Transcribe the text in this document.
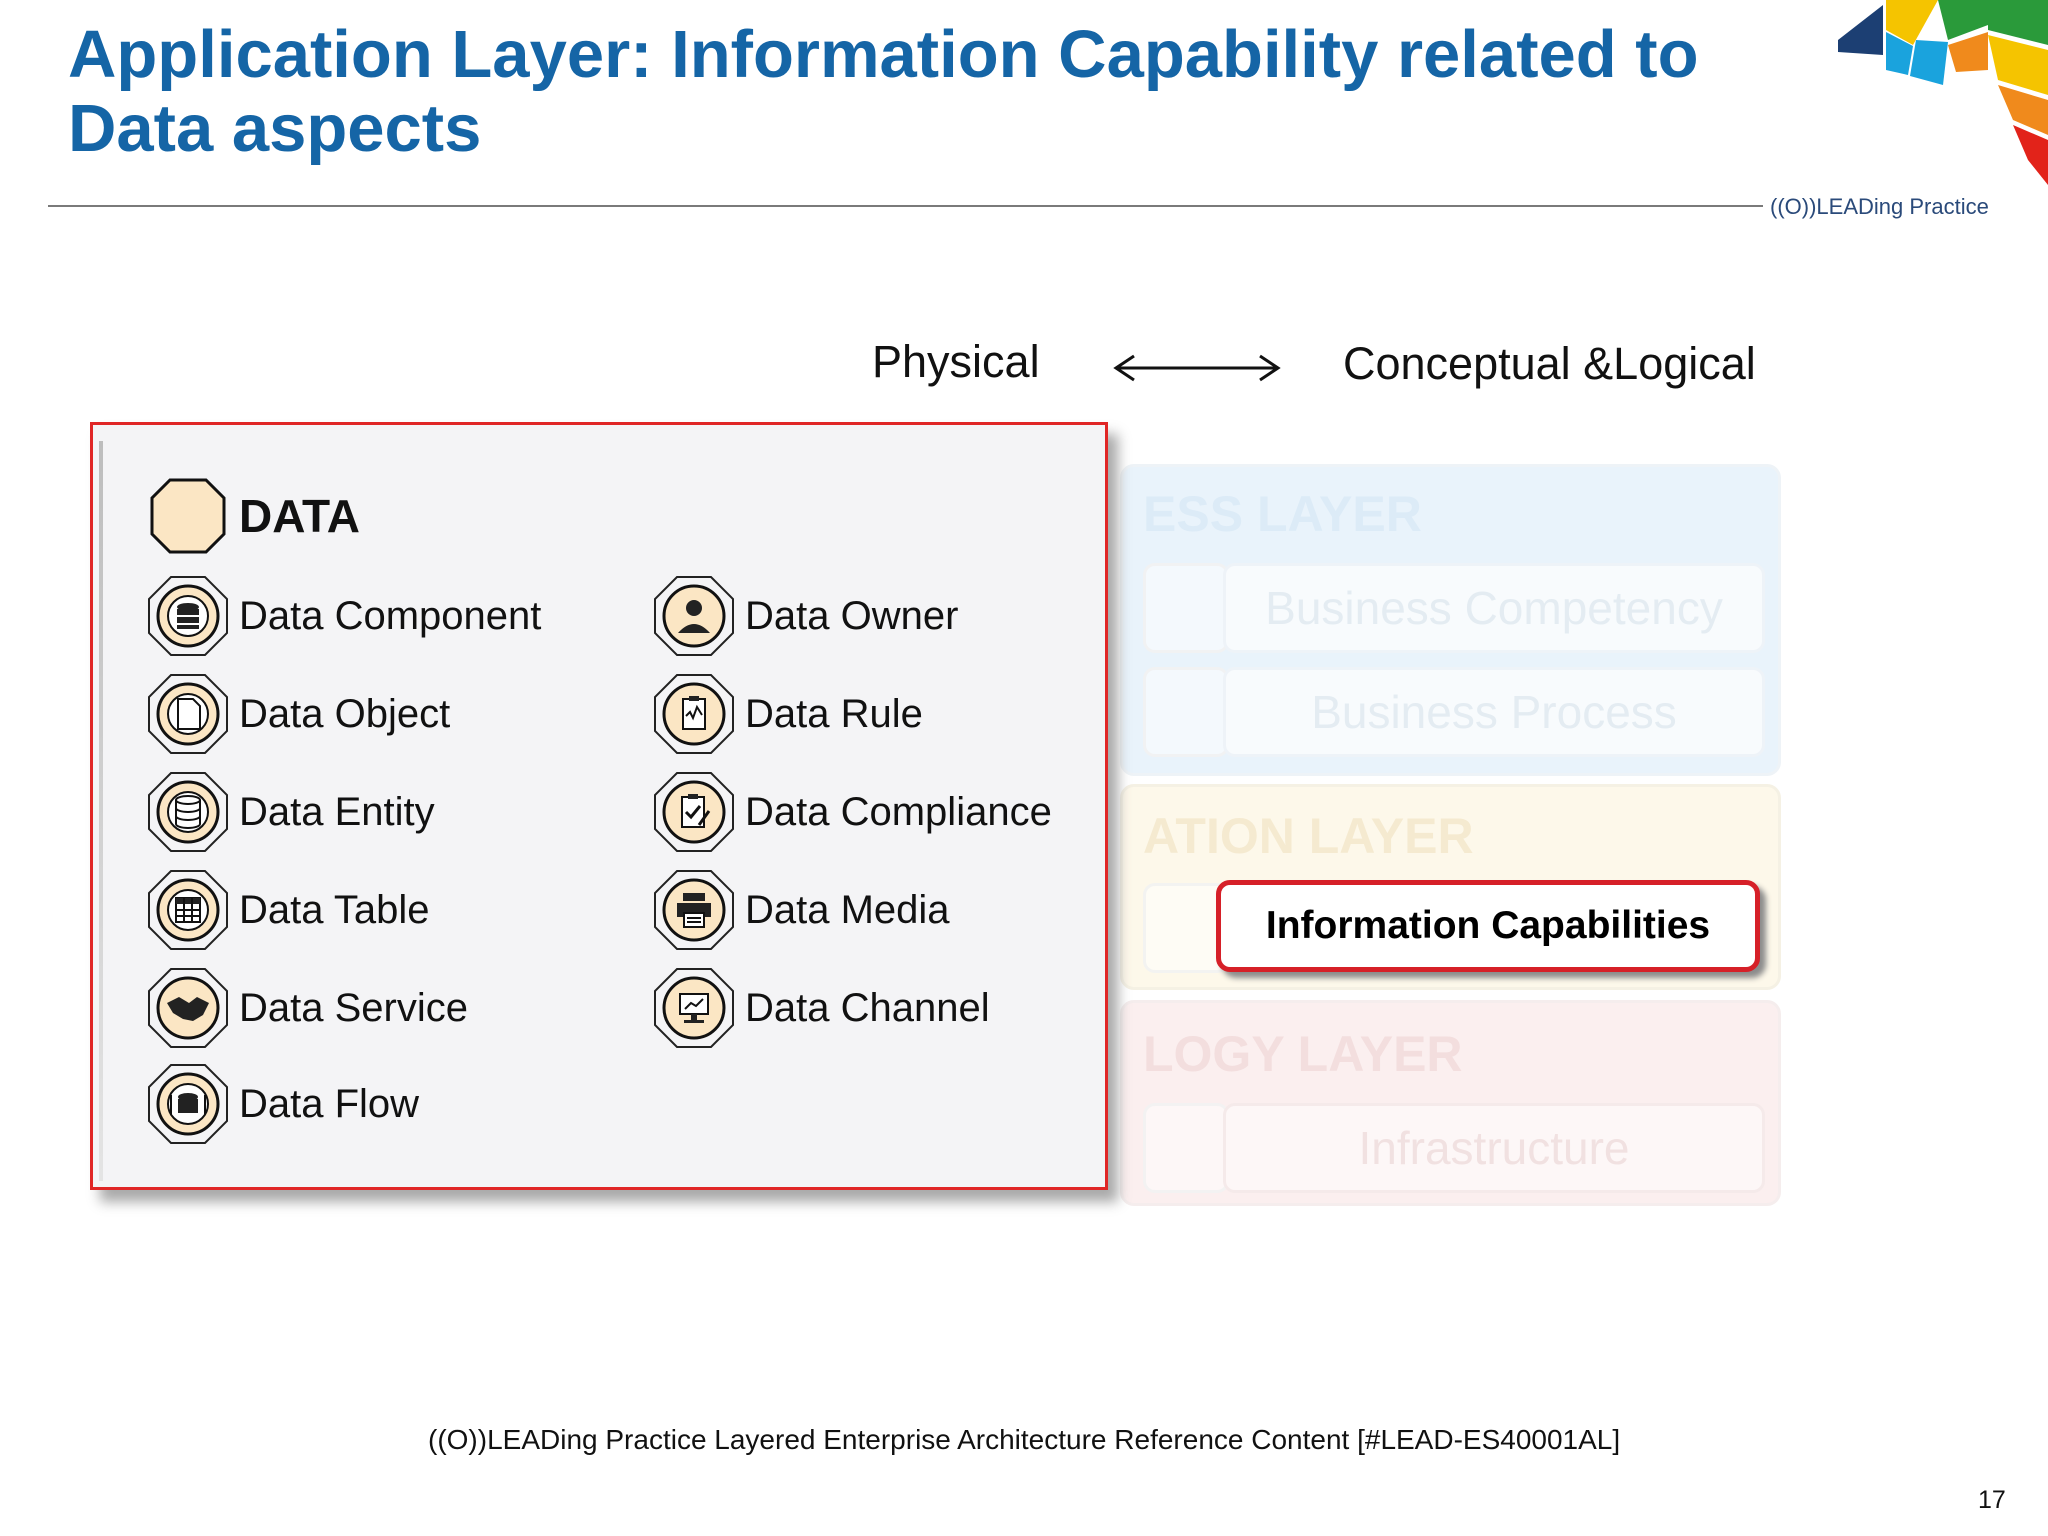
Application Layer: Information Capability related to
Data aspects
((O))LEADing Practice
Physical	Conceptual &Logical
ESS LAYER
Business Competency
Business Process
ATION LAYER
LOGY LAYER
Infrastructure
Information Capabilities
DATA
Data Component
Data Object
Data Entity
Data Table
Data Service
Data Flow
Data Owner
Data Rule
Data Compliance
Data Media
Data Channel
((O))LEADing Practice Layered Enterprise Architecture Reference Content [#LEAD-ES40001AL]
17
